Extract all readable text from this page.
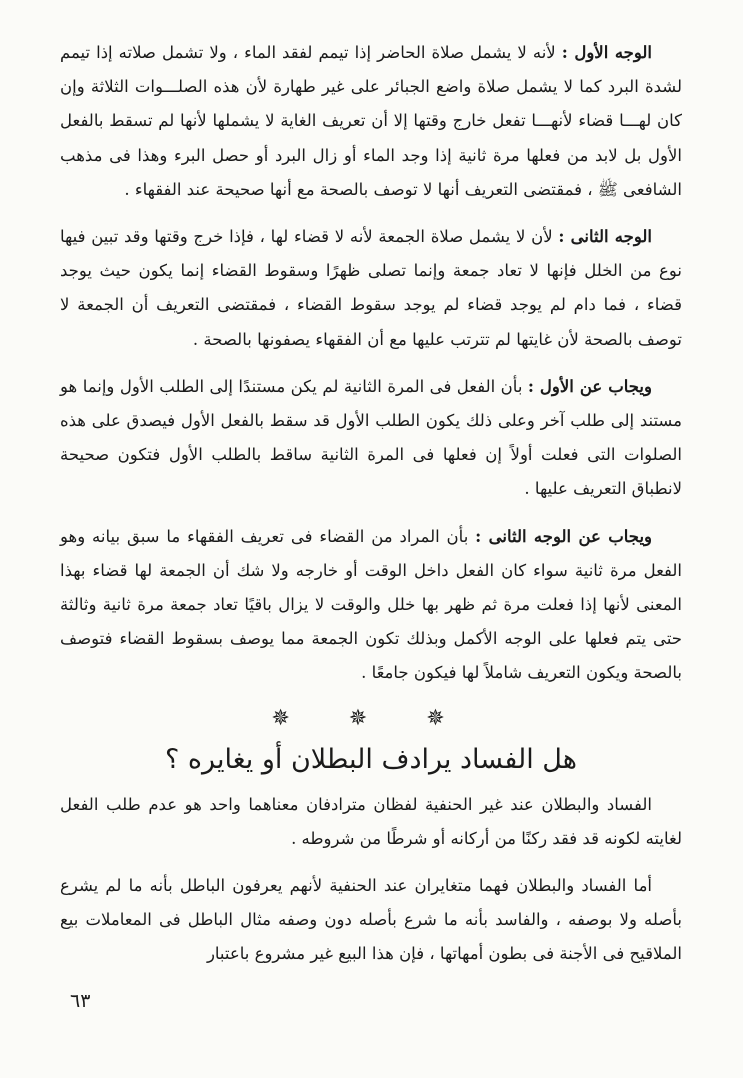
الوجه الأول : لأنه لا يشمل صلاة الحاضر إذا تيمم لفقد الماء ، ولا تشمل صلاته إذا تيمم لشدة البرد كما لا يشمل صلاة واضع الجبائر على غير طهارة لأن هذه الصلـــوات الثلاثة وإن كان لهـــا قضاء لأنهـــا تفعل خارج وقتها إلا أن تعريف الغاية لا يشملها لأنها لم تسقط بالفعل الأول بل لابد من فعلها مرة ثانية إذا وجد الماء أو زال البرد أو حصل البرء وهذا فى مذهب الشافعى ﷺ ، فمقتضى التعريف أنها لا توصف بالصحة مع أنها صحيحة عند الفقهاء .

الوجه الثانى : لأن لا يشمل صلاة الجمعة لأنه لا قضاء لها ، فإذا خرج وقتها وقد تبين فيها نوع من الخلل فإنها لا تعاد جمعة وإنما تصلى ظهرًا وسقوط القضاء إنما يكون حيث يوجد قضاء ، فما دام لم يوجد قضاء لم يوجد سقوط القضاء ، فمقتضى التعريف أن الجمعة لا توصف بالصحة لأن غايتها لم تترتب عليها مع أن الفقهاء يصفونها بالصحة .

ويجاب عن الأول : بأن الفعل فى المرة الثانية لم يكن مستندًا إلى الطلب الأول وإنما هو مستند إلى طلب آخر وعلى ذلك يكون الطلب الأول قد سقط بالفعل الأول فيصدق على هذه الصلوات التى فعلت أولاً إن فعلها فى المرة الثانية ساقط بالطلب الأول فتكون صحيحة لانطباق التعريف عليها .

ويجاب عن الوجه الثانى : بأن المراد من القضاء فى تعريف الفقهاء ما سبق بيانه وهو الفعل مرة ثانية سواء كان الفعل داخل الوقت أو خارجه ولا شك أن الجمعة لها قضاء بهذا المعنى لأنها إذا فعلت مرة ثم ظهر بها خلل والوقت لا يزال باقيًا تعاد جمعة مرة ثانية وثالثة حتى يتم فعلها على الوجه الأكمل وبذلك تكون الجمعة مما يوصف بسقوط القضاء فتوصف بالصحة ويكون التعريف شاملاً لها فيكون جامعًا .

✵ ✵ ✵
هل الفساد يرادف البطلان أو يغايره ؟

الفساد والبطلان عند غير الحنفية لفظان مترادفان معناهما واحد هو عدم طلب الفعل لغايته لكونه قد فقد ركنًا من أركانه أو شرطًا من شروطه .

أما الفساد والبطلان فهما متغايران عند الحنفية لأنهم يعرفون الباطل بأنه ما لم يشرع بأصله ولا بوصفه ، والفاسد بأنه ما شرع بأصله دون وصفه مثال الباطل فى المعاملات بيع الملاقيح فى الأجنة فى بطون أمهاتها ، فإن هذا البيع غير مشروع باعتبار

٦٣
